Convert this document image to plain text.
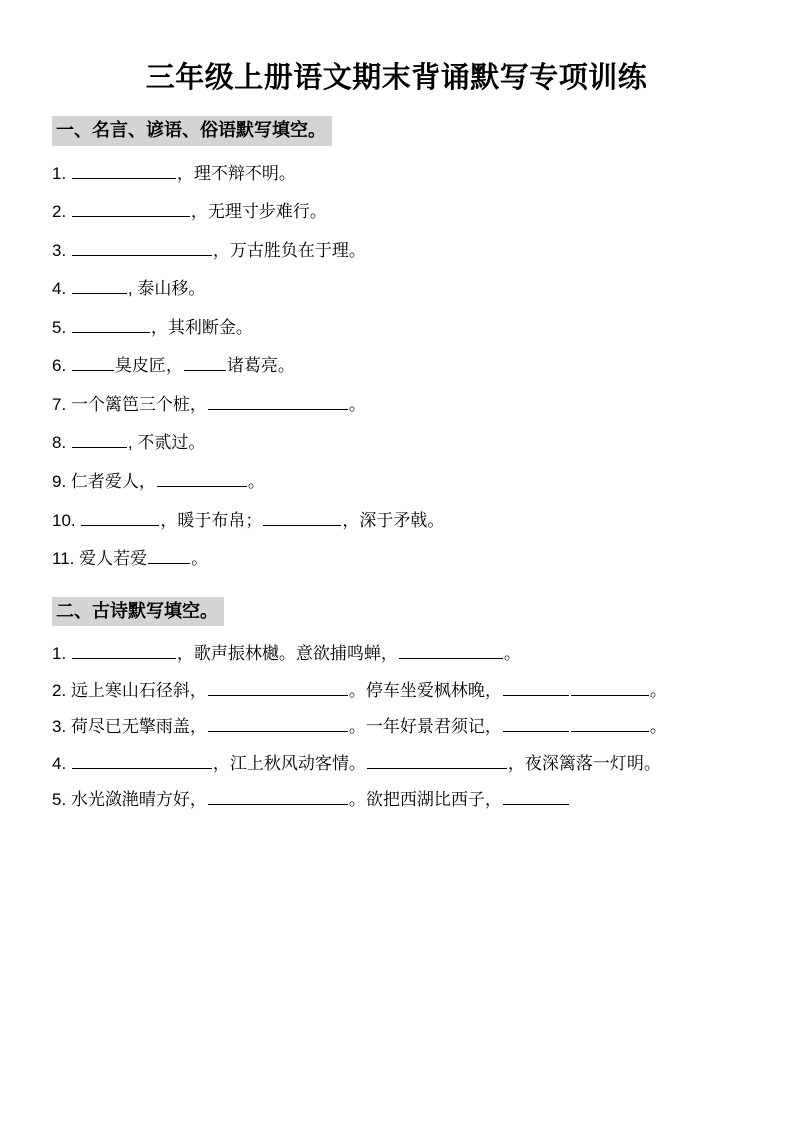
三年级上册语文期末背诵默写专项训练
一、名言、谚语、俗语默写填空。
1.	，理不辩不明。
2.	，无理寸步难行。
3.	，万古胜负在于理。
4.	, 泰山移。
5.	，其利断金。
6.	臭皮匠，	诸葛亮。
7. 一个篱笆三个桩，	。
8.	, 不贰过。
9. 仁者爱人，	。
10.	，暖于布帛；	，深于矛戟。
11. 爱人若爱	。
二、古诗默写填空。
1.	，歌声振林樾。意欲捕鸣蝉，	。
2. 远上寒山石径斜，	。停车坐爱枫林晚，	。
3. 荷尽已无擎雨盖，	。一年好景君须记，	。
4.	，江上秋风动客情。	，夜深篱落一灯明。
5. 水光潋滟晴方好，	。欲把西湖比西子，
